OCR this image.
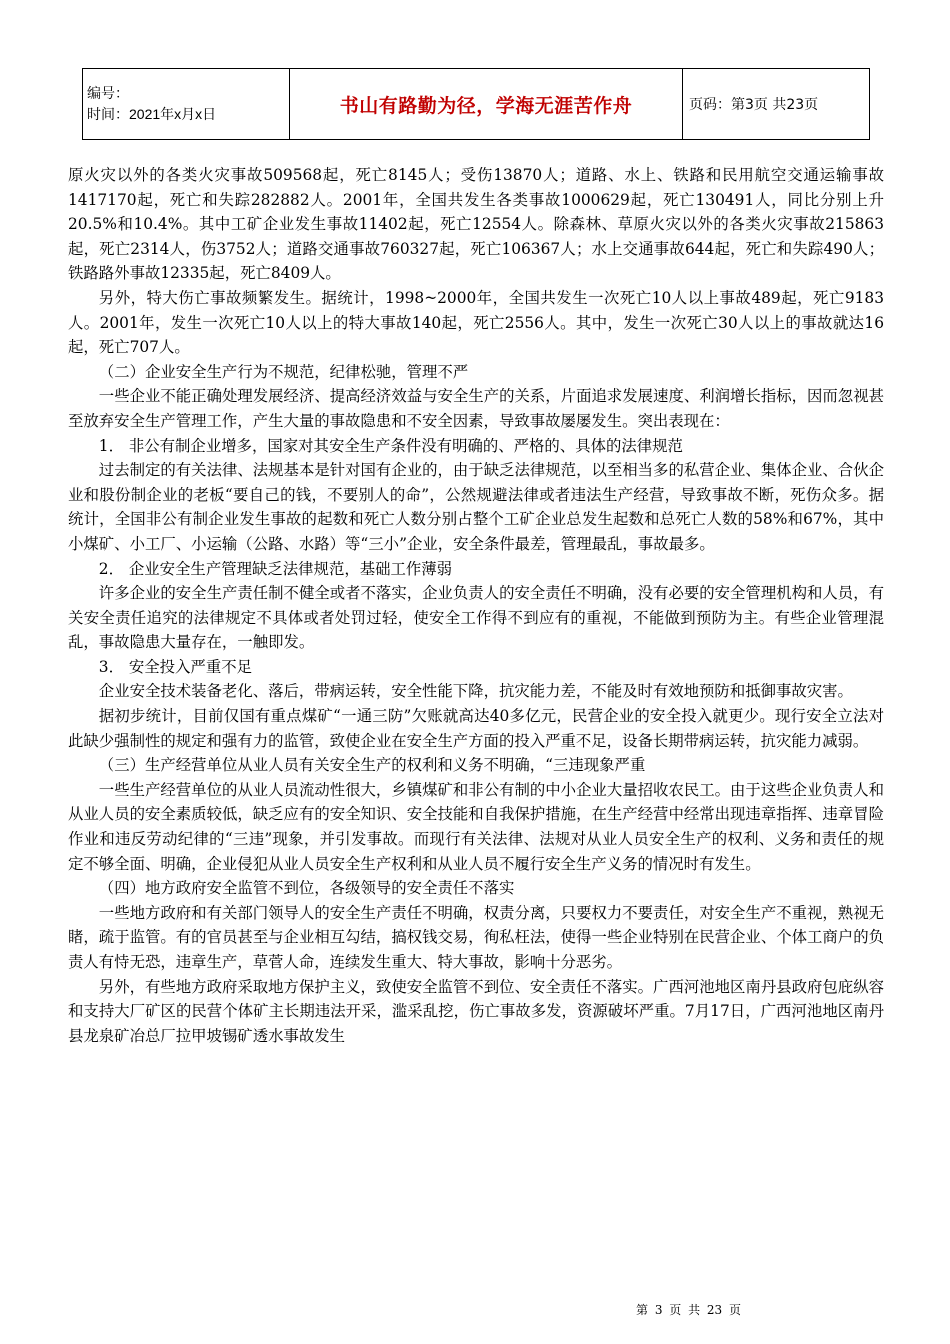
编号：
时间：2021年x月x日	书山有路勤为径，学海无涯苦作舟	页码：第3页 共23页

原火灾以外的各类火灾事故509568起，死亡8145人；受伤13870人；道路、水上、铁路和民用航空交通运输事故1417170起，死亡和失踪282882人。2001年，全国共发生各类事故1000629起，死亡130491人，同比分别上升20.5%和10.4%。其中工矿企业发生事故11402起，死亡12554人。除森林、草原火灾以外的各类火灾事故215863起，死亡2314人，伤3752人；道路交通事故760327起，死亡106367人；水上交通事故644起，死亡和失踪490人；铁路路外事故12335起，死亡8409人。

另外，特大伤亡事故频繁发生。据统计，1998~2000年，全国共发生一次死亡10人以上事故489起，死亡9183人。2001年，发生一次死亡10人以上的特大事故140起，死亡2556人。其中，发生一次死亡30人以上的事故就达16起，死亡707人。

（二）企业安全生产行为不规范，纪律松驰，管理不严

一些企业不能正确处理发展经济、提高经济效益与安全生产的关系，片面追求发展速度、利润增长指标，因而忽视甚至放弃安全生产管理工作，产生大量的事故隐患和不安全因素，导致事故屡屡发生。突出表现在：

1． 非公有制企业增多，国家对其安全生产条件没有明确的、严格的、具体的法律规范

过去制定的有关法律、法规基本是针对国有企业的，由于缺乏法律规范，以至相当多的私营企业、集体企业、合伙企业和股份制企业的老板“要自己的钱，不要别人的命”，公然规避法律或者违法生产经营，导致事故不断，死伤众多。据统计，全国非公有制企业发生事故的起数和死亡人数分别占整个工矿企业总发生起数和总死亡人数的58%和67%，其中小煤矿、小工厂、小运输（公路、水路）等“三小”企业，安全条件最差，管理最乱，事故最多。

2． 企业安全生产管理缺乏法律规范，基础工作薄弱

许多企业的安全生产责任制不健全或者不落实，企业负责人的安全责任不明确，没有必要的安全管理机构和人员，有关安全责任追究的法律规定不具体或者处罚过轻，使安全工作得不到应有的重视，不能做到预防为主。有些企业管理混乱，事故隐患大量存在，一触即发。

3． 安全投入严重不足

企业安全技术装备老化、落后，带病运转，安全性能下降，抗灾能力差，不能及时有效地预防和抵御事故灾害。

据初步统计，目前仅国有重点煤矿“一通三防”欠账就高达40多亿元，民营企业的安全投入就更少。现行安全立法对此缺少强制性的规定和强有力的监管，致使企业在安全生产方面的投入严重不足，设备长期带病运转，抗灾能力减弱。

（三）生产经营单位从业人员有关安全生产的权利和义务不明确，“三违现象严重

一些生产经营单位的从业人员流动性很大，乡镇煤矿和非公有制的中小企业大量招收农民工。由于这些企业负责人和从业人员的安全素质较低，缺乏应有的安全知识、安全技能和自我保护措施，在生产经营中经常出现违章指挥、违章冒险作业和违反劳动纪律的“三违”现象，并引发事故。而现行有关法律、法规对从业人员安全生产的权利、义务和责任的规定不够全面、明确，企业侵犯从业人员安全生产权利和从业人员不履行安全生产义务的情况时有发生。

（四）地方政府安全监管不到位，各级领导的安全责任不落实

一些地方政府和有关部门领导人的安全生产责任不明确，权责分离，只要权力不要责任，对安全生产不重视，熟视无睹，疏于监管。有的官员甚至与企业相互勾结，搞权钱交易，徇私枉法，使得一些企业特别在民营企业、个体工商户的负责人有恃无恐，违章生产，草菅人命，连续发生重大、特大事故，影响十分恶劣。

另外，有些地方政府采取地方保护主义，致使安全监管不到位、安全责任不落实。广西河池地区南丹县政府包庇纵容和支持大厂矿区的民营个体矿主长期违法开采，滥采乱挖，伤亡事故多发，资源破坏严重。7月17日，广西河池地区南丹县龙泉矿冶总厂拉甲坡锡矿透水事故发生

第 3 页 共 23 页
